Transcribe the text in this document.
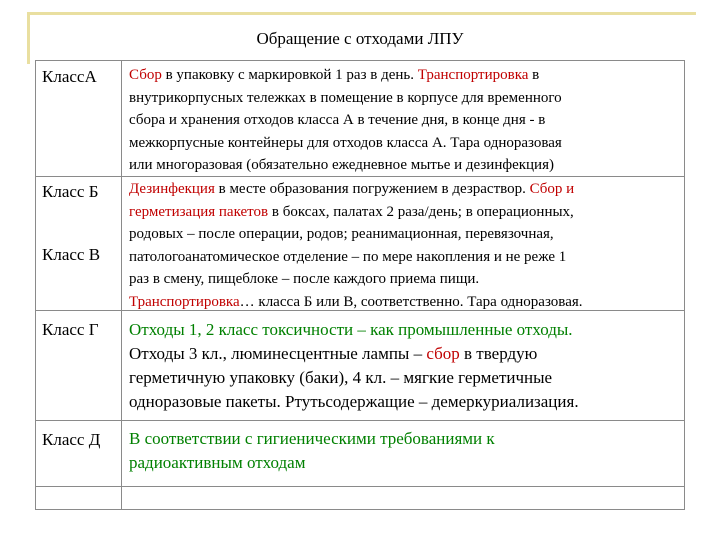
Обращение с отходами ЛПУ
КлассА Сбор в упаковку с маркировкой 1 раз в день. Транспортировка в
внутрикорпусных тележках в помещение в корпусе для временного
сбора и хранения отходов класса А в течение дня, в конце дня - в
межкорпусные контейнеры для отходов класса А. Тара одноразовая
или многоразовая (обязательно ежедневное мытье и дезинфекция)
Класс Б
Класс В
Дезинфекция в месте образования погружением в дезраствор. Сбор и
герметизация пакетов в боксах, палатах 2 раза/день; в операционных,
родовых – после операции, родов; реанимационная, перевязочная,
патологоанатомическое отделение – по мере накопления и не реже 1
раз в смену, пищеблоке – после каждого приема пищи.
Транспортировка… класса Б или В, соответственно. Тара одноразовая.
Класс Г Отходы 1, 2 класс токсичности – как промышленные отходы.
Отходы 3 кл., люминесцентные лампы – сбор в твердую
герметичную упаковку (баки), 4 кл. – мягкие герметичные
одноразовые пакеты. Ртутьсодержащие – демеркуриализация.
Класс Д В соответствии с гигиеническими требованиями к
радиоактивным отходам
